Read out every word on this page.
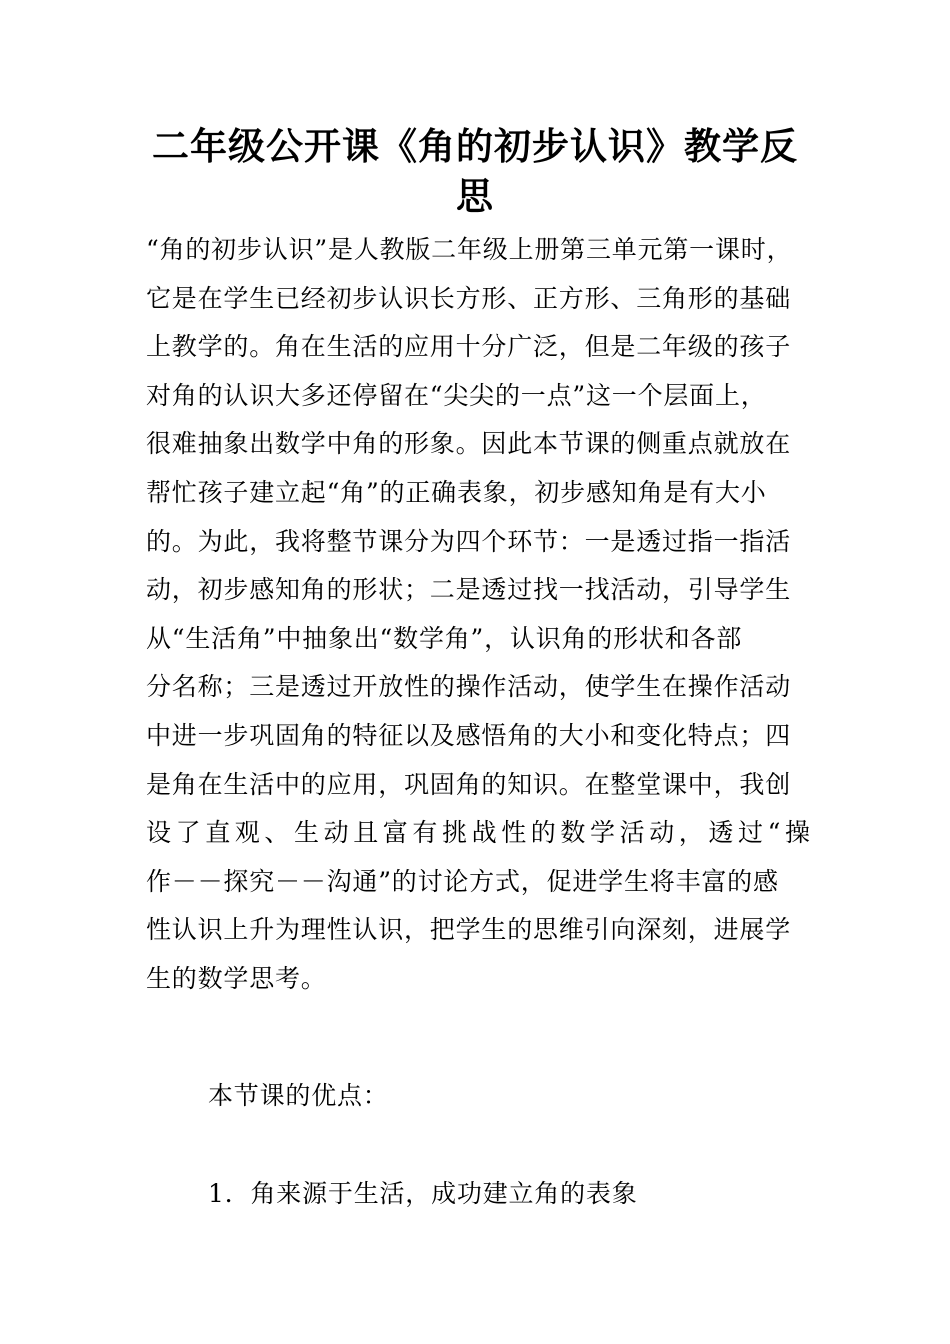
二年级公开课《角的初步认识》教学反
思
“角的初步认识”是人教版二年级上册第三单元第一课时，
它是在学生已经初步认识长方形、正方形、三角形的基础
上教学的。角在生活的应用十分广泛，但是二年级的孩子
对角的认识大多还停留在“尖尖的一点”这一个层面上，
很难抽象出数学中角的形象。因此本节课的侧重点就放在
帮忙孩子建立起“角”的正确表象，初步感知角是有大小
的。为此，我将整节课分为四个环节：一是透过指一指活
动，初步感知角的形状；二是透过找一找活动，引导学生
从“生活角”中抽象出“数学角”，认识角的形状和各部
分名称；三是透过开放性的操作活动，使学生在操作活动
中进一步巩固角的特征以及感悟角的大小和变化特点；四
是角在生活中的应用，巩固角的知识。在整堂课中，我创
设了直观、生动且富有挑战性的数学活动，透过“操
作－－探究－－沟通”的讨论方式，促进学生将丰富的感
性认识上升为理性认识，把学生的思维引向深刻，进展学
生的数学思考。

本节课的优点：

1．角来源于生活，成功建立角的表象
